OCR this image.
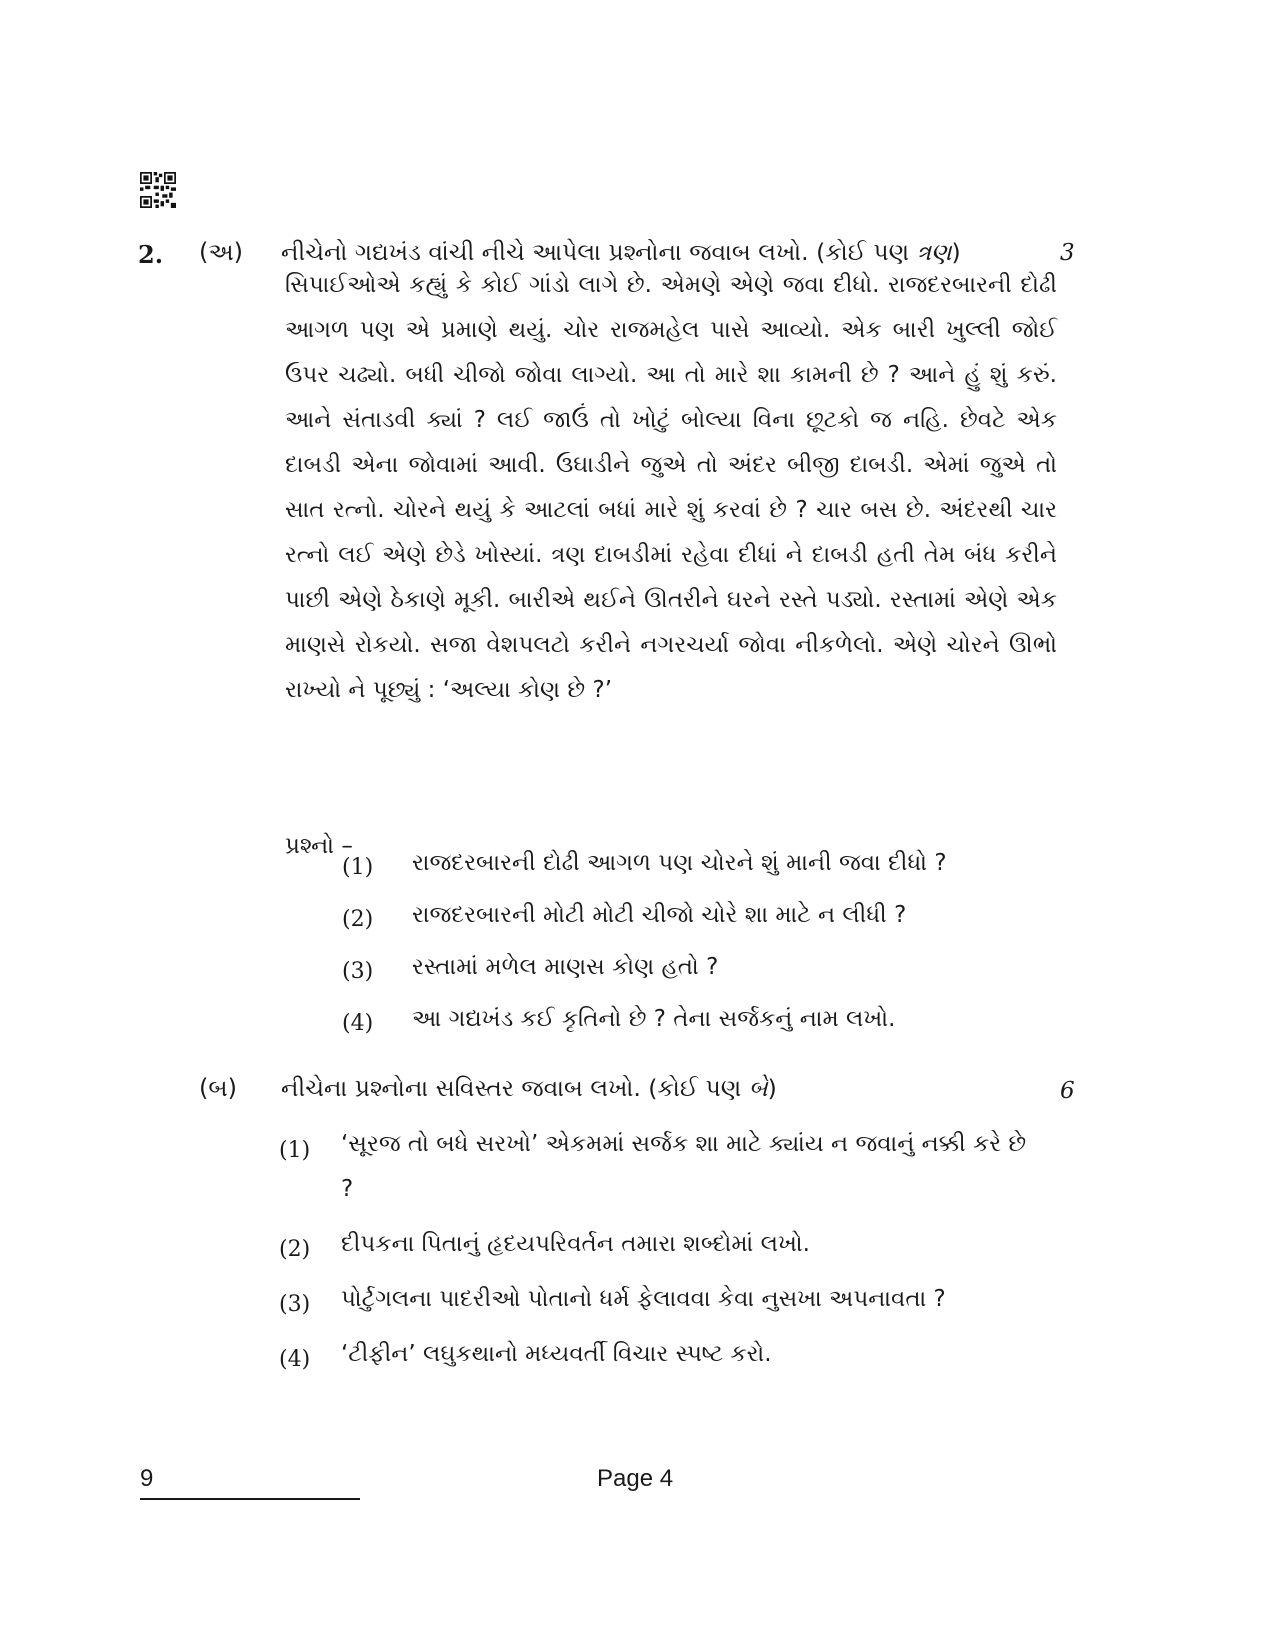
2. (અ) નીચેનો ગદ્યખંડ વાંચી નીચે આપેલા પ્રશ્નોના જવાબ લખો. (કોઈ પણ ત્રણ)	3

સિપાઈઓએ કહ્યું કે કોઈ ગાંડો લાગે છે. એમણે એણે જવા દીધો. રાજદરબારની દોઢી આગળ પણ એ પ્રમાણે થયું. ચોર રાજમહેલ પાસે આવ્યો. એક બારી ખુલ્લી જોઈ ઉપર ચઢ્યો. બધી ચીજો જોવા લાગ્યો. આ તો મારે શા કામની છે ? આને હું શું કરું. આને સંતાડવી ક્યાં ? લઈ જાઉં તો ખોટું બોલ્યા વિના છૂટકો જ નહિ. છેવટે એક દાબડી એના જોવામાં આવી. ઉઘાડીને જુએ તો અંદર બીજી દાબડી. એમાં જુએ તો સાત રત્નો. ચોરને થયું કે આટલાં બધાં મારે શું કરવાં છે ? ચાર બસ છે. અંદરથી ચાર રત્નો લઈ એણે છેડે ખોસ્યાં. ત્રણ દાબડીમાં રહેવા દીધાં ને દાબડી હતી તેમ બંધ કરીને પાછી એણે ઠેકાણે મૂકી. બારીએ થઈને ઊતરીને ઘરને રસ્તે પડ્યો. રસ્તામાં એણે એક માણસે રોકયો. સજા વેશપલટો કરીને નગરચર્યા જોવા નીકળેલો. એણે ચોરને ઊભો રાખ્યો ને પૂછ્યું : ‘અલ્યા કોણ છે ?’

પ્રશ્નો –
(1) રાજદરબારની દોઢી આગળ પણ ચોરને શું માની જવા દીધો ?
(2) રાજદરબારની મોટી મોટી ચીજો ચોરે શા માટે ન લીધી ?
(3) રસ્તામાં મળેલ માણસ કોણ હતો ?
(4) આ ગદ્યખંડ કઈ કૃતિનો છે ? તેના સર્જકનું નામ લખો.
(બ) નીચેના પ્રશ્નોના સવિસ્તર જવાબ લખો. (કોઈ પણ બે)	6
(1) ‘સૂરજ તો બધે સરખો’ એકમમાં સર્જક શા માટે ક્યાંય ન જવાનું નક્કી કરે છે ?
(2) દીપકના પિતાનું હૃદયપરિવર્તન તમારા શબ્દોમાં લખો.
(3) પોર્ટુગલના પાદરીઓ પોતાનો ધર્મ ફેલાવવા કેવા નુસખા અપનાવતા ?
(4) ‘ટીફીન’ લઘુકથાનો મધ્યવર્તી વિચાર સ્પષ્ટ કરો.
9	Page 4
